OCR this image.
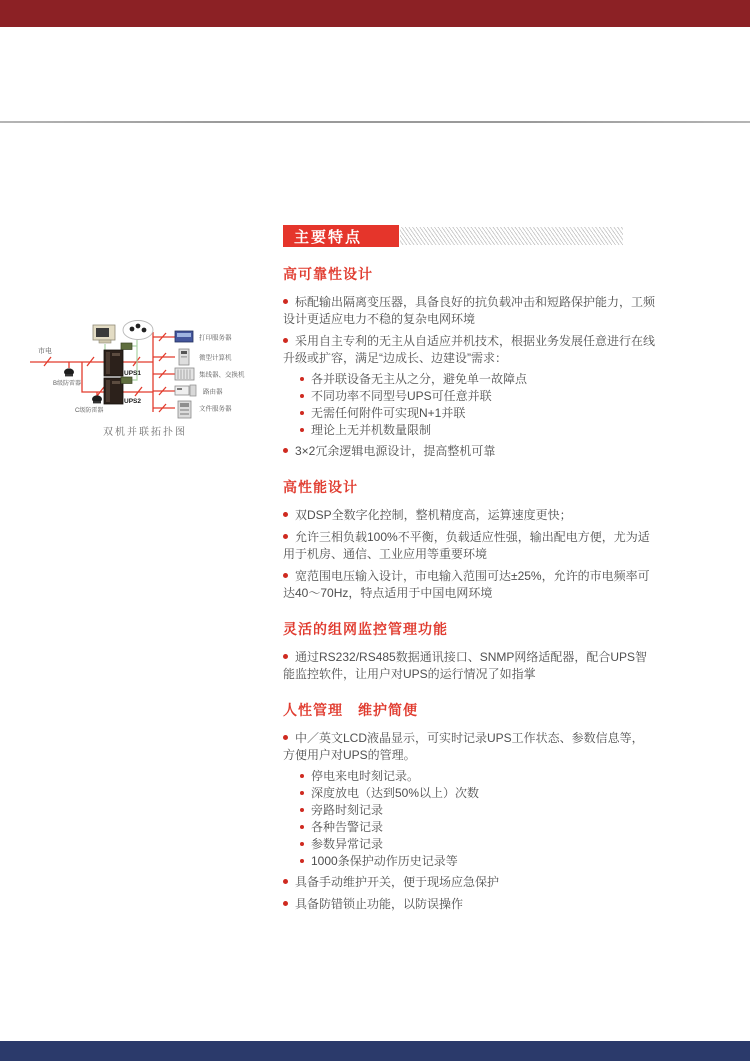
市电
B级防雷器
C级防雷器
UPS1
UPS2
打印服务器
微型计算机
集线器、交换机
路由器
文件服务器
双机并联拓扑图
主要特点
高可靠性设计
标配输出隔离变压器，具备良好的抗负载冲击和短路保护能力，工频设计更适应电力不稳的复杂电网环境
采用自主专利的无主从自适应并机技术，根据业务发展任意进行在线升级或扩容，满足“边成长、边建设”需求：
各并联设备无主从之分，避免单一故障点
不同功率不同型号UPS可任意并联
无需任何附件可实现N+1并联
理论上无并机数量限制
3×2冗余逻辑电源设计，提高整机可靠
高性能设计
双DSP全数字化控制，整机精度高，运算速度更快；
允许三相负载100%不平衡，负载适应性强，输出配电方便，尤为适用于机房、通信、工业应用等重要环境
宽范围电压输入设计，市电输入范围可达±25%，允许的市电频率可达40～70Hz，特点适用于中国电网环境
灵活的组网监控管理功能
通过RS232/RS485数据通讯接口、SNMP网络适配器，配合UPS智能监控软件，让用户对UPS的运行情况了如指掌
人性管理　维护简便
中／英文LCD液晶显示，可实时记录UPS工作状态、参数信息等，方便用户对UPS的管理。
停电来电时刻记录。
深度放电（达到50%以上）次数
旁路时刻记录
各种告警记录
参数异常记录
1000条保护动作历史记录等
具备手动维护开关，便于现场应急保护
具备防错锁止功能，以防误操作
